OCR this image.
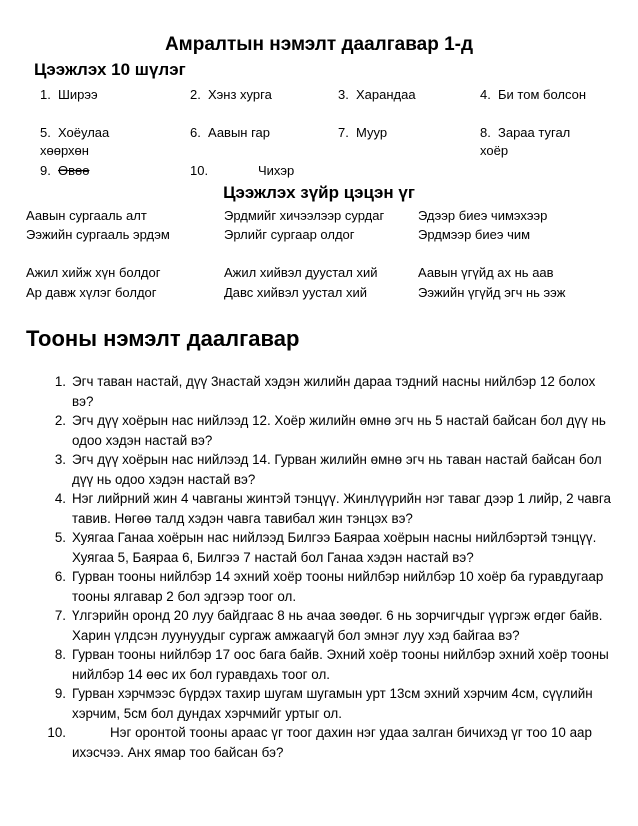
Амралтын нэмэлт даалгавар 1-д
Цээжлэх 10 шүлэг
1. Ширээ	2. Хэнз хурга	3. Харандаа	4. Би том болсон
5. Хоёулаа хөөрхөн
6. Аавын гар	7. Муур	8. Зараа тугал хоёр
9. Өвөө	10.	Чихэр
Цээжлэх зүйр цэцэн үг
Аавын сургааль алт	Эрдмийг хичээлээр сурдаг	Эдээр биеэ чимэхээр
Ээжийн сургааль эрдэм	Эрлийг сургаар олдог	Эрдмээр биеэ чим
Ажил хийж хүн болдог	Ажил хийвэл дуустал хий	Аавын үгүйд ах нь аав
Ар давж хүлэг болдог	Давс хийвэл уустал хий	Ээжийн үгүйд эгч нь ээж
Тооны нэмэлт даалгавар
1. Эгч таван настай, дүү 3настай хэдэн жилийн дараа тэдний насны нийлбэр 12 болох вэ?
2. Эгч дүү хоёрын нас нийлээд 12. Хоёр жилийн өмнө эгч нь 5 настай байсан бол дүү нь одоо хэдэн настай вэ?
3. Эгч дүү хоёрын нас нийлээд 14. Гурван жилийн өмнө эгч нь таван настай байсан бол дүү нь одоо хэдэн настай вэ?
4. Нэг лийрний жин 4 чавганы жинтэй тэнцүү. Жинлүүрийн нэг таваг дээр 1 лийр, 2 чавга тавив. Нөгөө талд хэдэн чавга тавибал жин тэнцэх вэ?
5. Хуягаа Ганаа хоёрын нас нийлээд Билгээ Баяраа хоёрын насны нийлбэртэй тэнцүү. Хуягаа 5, Баяраа 6, Билгээ 7 настай бол Ганаа хэдэн настай вэ?
6. Гурван тооны нийлбэр 14 эхний хоёр тооны нийлбэр нийлбэр 10 хоёр ба гуравдугаар тооны ялгавар 2 бол эдгээр тоог ол.
7. Үлгэрийн оронд 20 луу байдгаас 8 нь ачаа зөөдөг. 6 нь зорчигчдыг үүргэж өгдөг байв. Харин үлдсэн луунуудыг сургаж амжаагүй бол эмнэг луу хэд байгаа вэ?
8. Гурван тооны нийлбэр 17 оос бага байв. Эхний хоёр тооны нийлбэр эхний хоёр тооны нийлбэр 14 өөс их бол гуравдахь тоог ол.
9. Гурван хэрчмээс бүрдэх тахир шугам шугамын урт 13см эхний хэрчим 4см, сүүлийн хэрчим, 5см бол дундах хэрчмийг уртыг ол.
10.	Нэг оронтой тооны араас үг тоог дахин нэг удаа залган бичихэд үг тоо 10 аар ихэсчээ. Анх ямар тоо байсан бэ?
